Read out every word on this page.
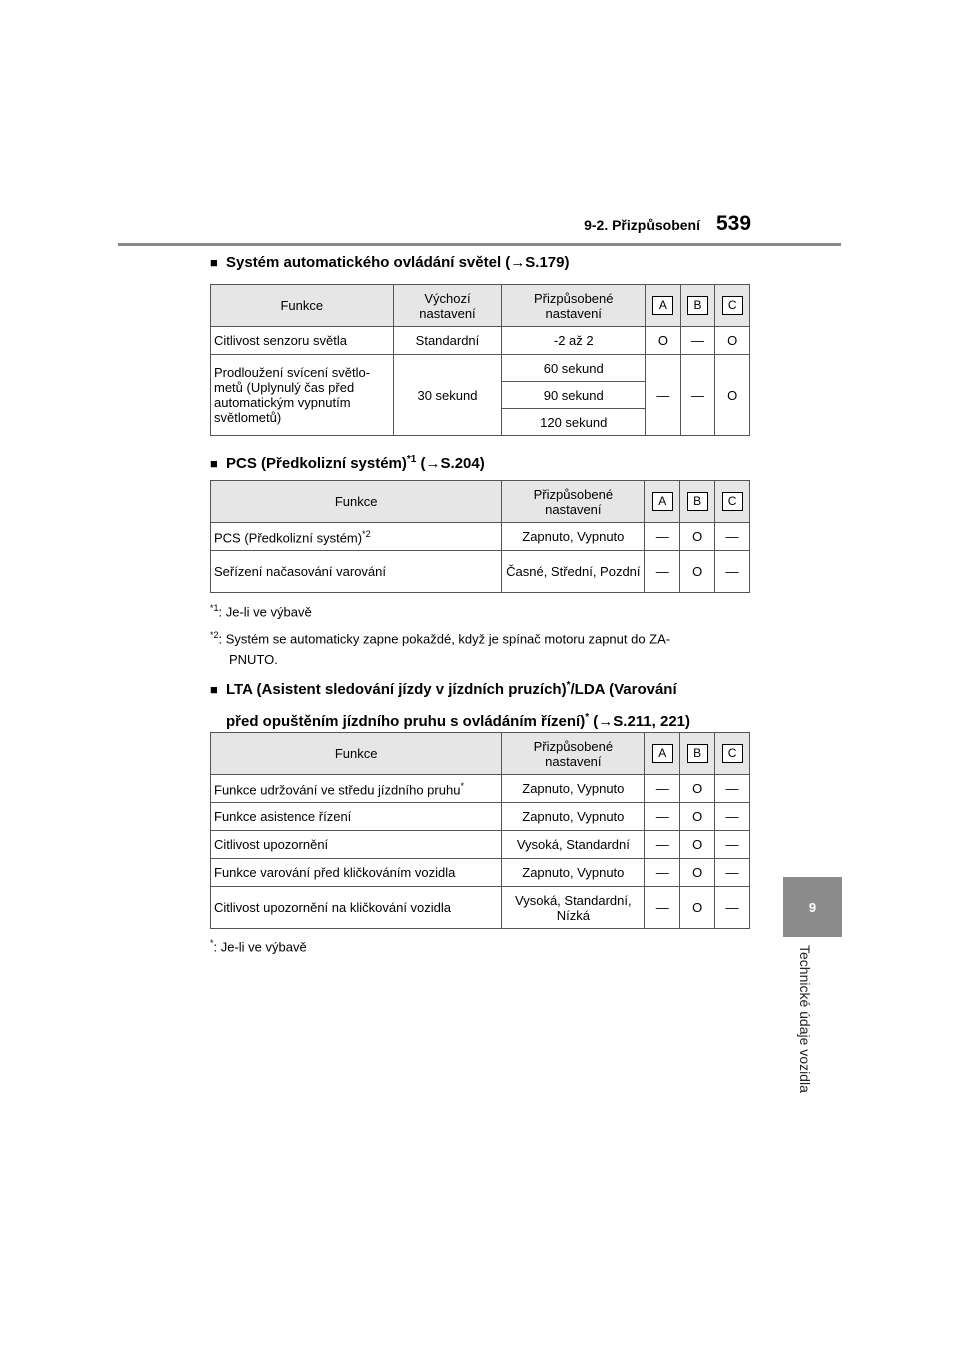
9-2. Přizpůsobení 539
9
Technické údaje vozidla
■ Systém automatického ovládání světel (→S.179)
Funkce	Výchozí nastavení	Přizpůsobené nastavení	A	B	C
Citlivost senzoru světla	Standardní	-2 až 2	O	—	O
Prodloužení svícení světlo-metů (Uplynulý čas před automatickým vypnutím světlometů)	30 sekund	60 sekund	—	—	O
		90 sekund			
		120 sekund			
■ PCS (Předkolizní systém)$^{*1}$ (→S.204)
Funkce	Přizpůsobené nastavení	A	B	C
PCS (Předkolizní systém)$^{*2}$	Zapnuto, Vypnuto	—	O	—
Seřízení načasování varování	Časné, Střední, Pozdní	—	O	—
$^{*1}$: Je-li ve výbavě
$^{*2}$: Systém se automaticky zapne pokaždé, když je spínač motoru zapnut do ZA-
PNUTO.
■ LTA (Asistent sledování jízdy v jízdních pruzích)*/LDA (Varování
před opuštěním jízdního pruhu s ovládáním řízení)* (→S.211, 221)
Funkce	Přizpůsobené nastavení	A	B	C
Funkce udržování ve středu jízdního pruhu*	Zapnuto, Vypnuto	—	O	—
Funkce asistence řízení	Zapnuto, Vypnuto	—	O	—
Citlivost upozornění	Vysoká, Standardní	—	O	—
Funkce varování před kličkováním vozidla	Zapnuto, Vypnuto	—	O	—
Citlivost upozornění na kličkování vozidla	Vysoká, Standardní, Nízká	—	O	—
*: Je-li ve výbavě
